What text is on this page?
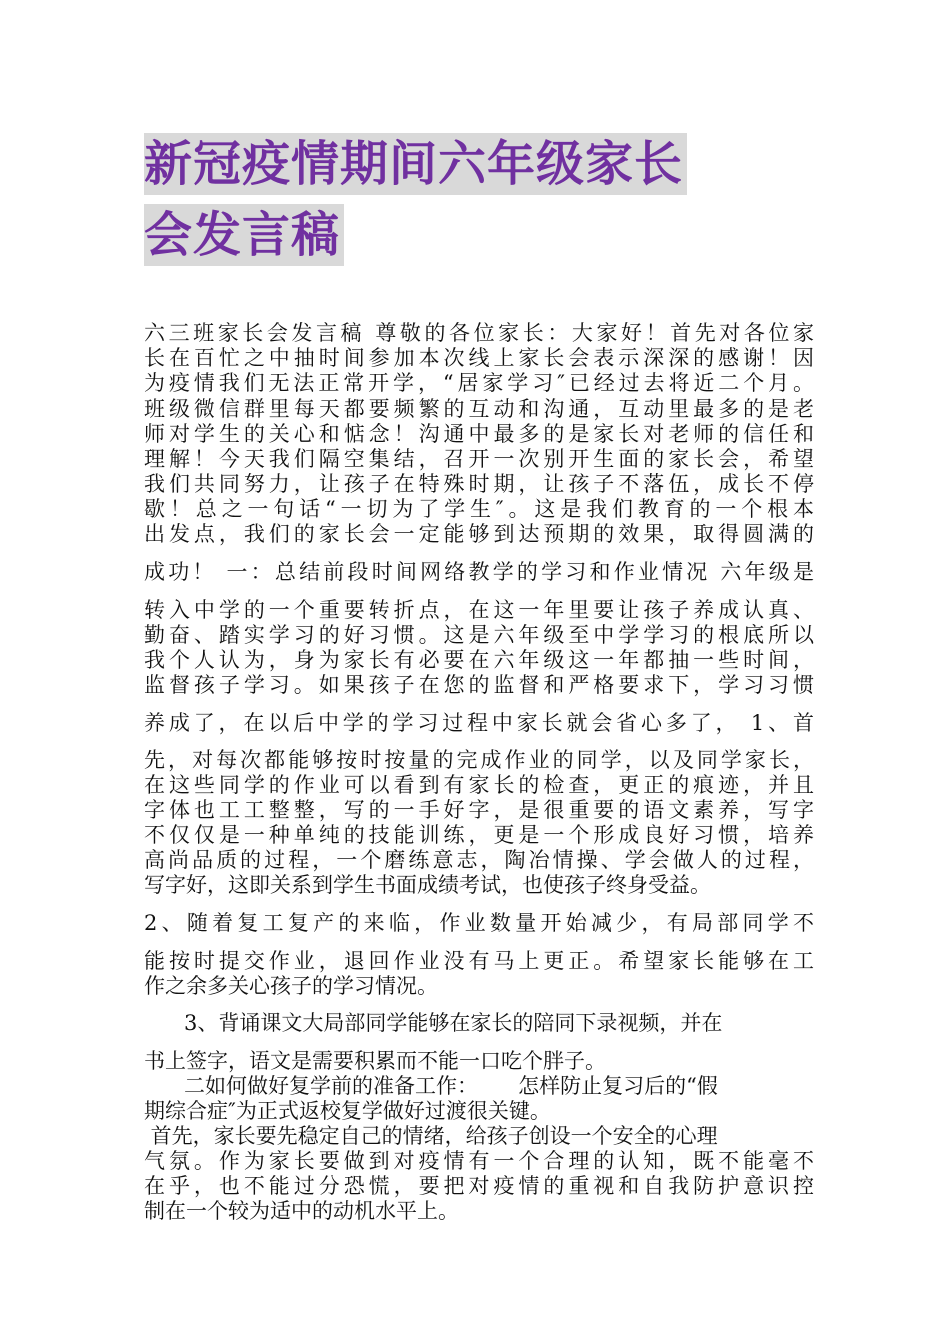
新冠疫情期间六年级家长
会发言稿
六三班家长会发言稿 尊敬的各位家长：大家好！首先对各位家
长在百忙之中抽时间参加本次线上家长会表示深深的感谢！因
为疫情我们无法正常开学，“居家学习″已经过去将近二个月。
班级微信群里每天都要频繁的互动和沟通，互动里最多的是老
师对学生的关心和惦念！沟通中最多的是家长对老师的信任和
理解！今天我们隔空集结，召开一次别开生面的家长会，希望
我们共同努力，让孩子在特殊时期，让孩子不落伍，成长不停
歇！总之一句话“一切为了学生″。这是我们教育的一个根本
出发点，我们的家长会一定能够到达预期的效果，取得圆满的
成功！ 一：总结前段时间网络教学的学习和作业情况 六年级是
转入中学的一个重要转折点，在这一年里要让孩子养成认真、
勤奋、踏实学习的好习惯。这是六年级至中学学习的根底所以
我个人认为，身为家长有必要在六年级这一年都抽一些时间，
监督孩子学习。如果孩子在您的监督和严格要求下，学习习惯
养成了，在以后中学的学习过程中家长就会省心多了， 1、首
先，对每次都能够按时按量的完成作业的同学，以及同学家长，
在这些同学的作业可以看到有家长的检查，更正的痕迹，并且
字体也工工整整，写的一手好字，是很重要的语文素养，写字
不仅仅是一种单纯的技能训练，更是一个形成良好习惯，培养
高尚品质的过程，一个磨练意志，陶冶情操、学会做人的过程，
写字好，这即关系到学生书面成绩考试，也使孩子终身受益。
2、随着复工复产的来临，作业数量开始减少，有局部同学不
能按时提交作业，退回作业没有马上更正。希望家长能够在工
作之余多关心孩子的学习情况。
3、背诵课文大局部同学能够在家长的陪同下录视频，并在
书上签字，语文是需要积累而不能一口吃个胖子。
二如何做好复学前的准备工作：      怎样防止复习后的“假
期综合症″为正式返校复学做好过渡很关键。
首先，家长要先稳定自己的情绪，给孩子创设一个安全的心理
气氛。作为家长要做到对疫情有一个合理的认知，既不能毫不
在乎，也不能过分恐慌，要把对疫情的重视和自我防护意识控
制在一个较为适中的动机水平上。
